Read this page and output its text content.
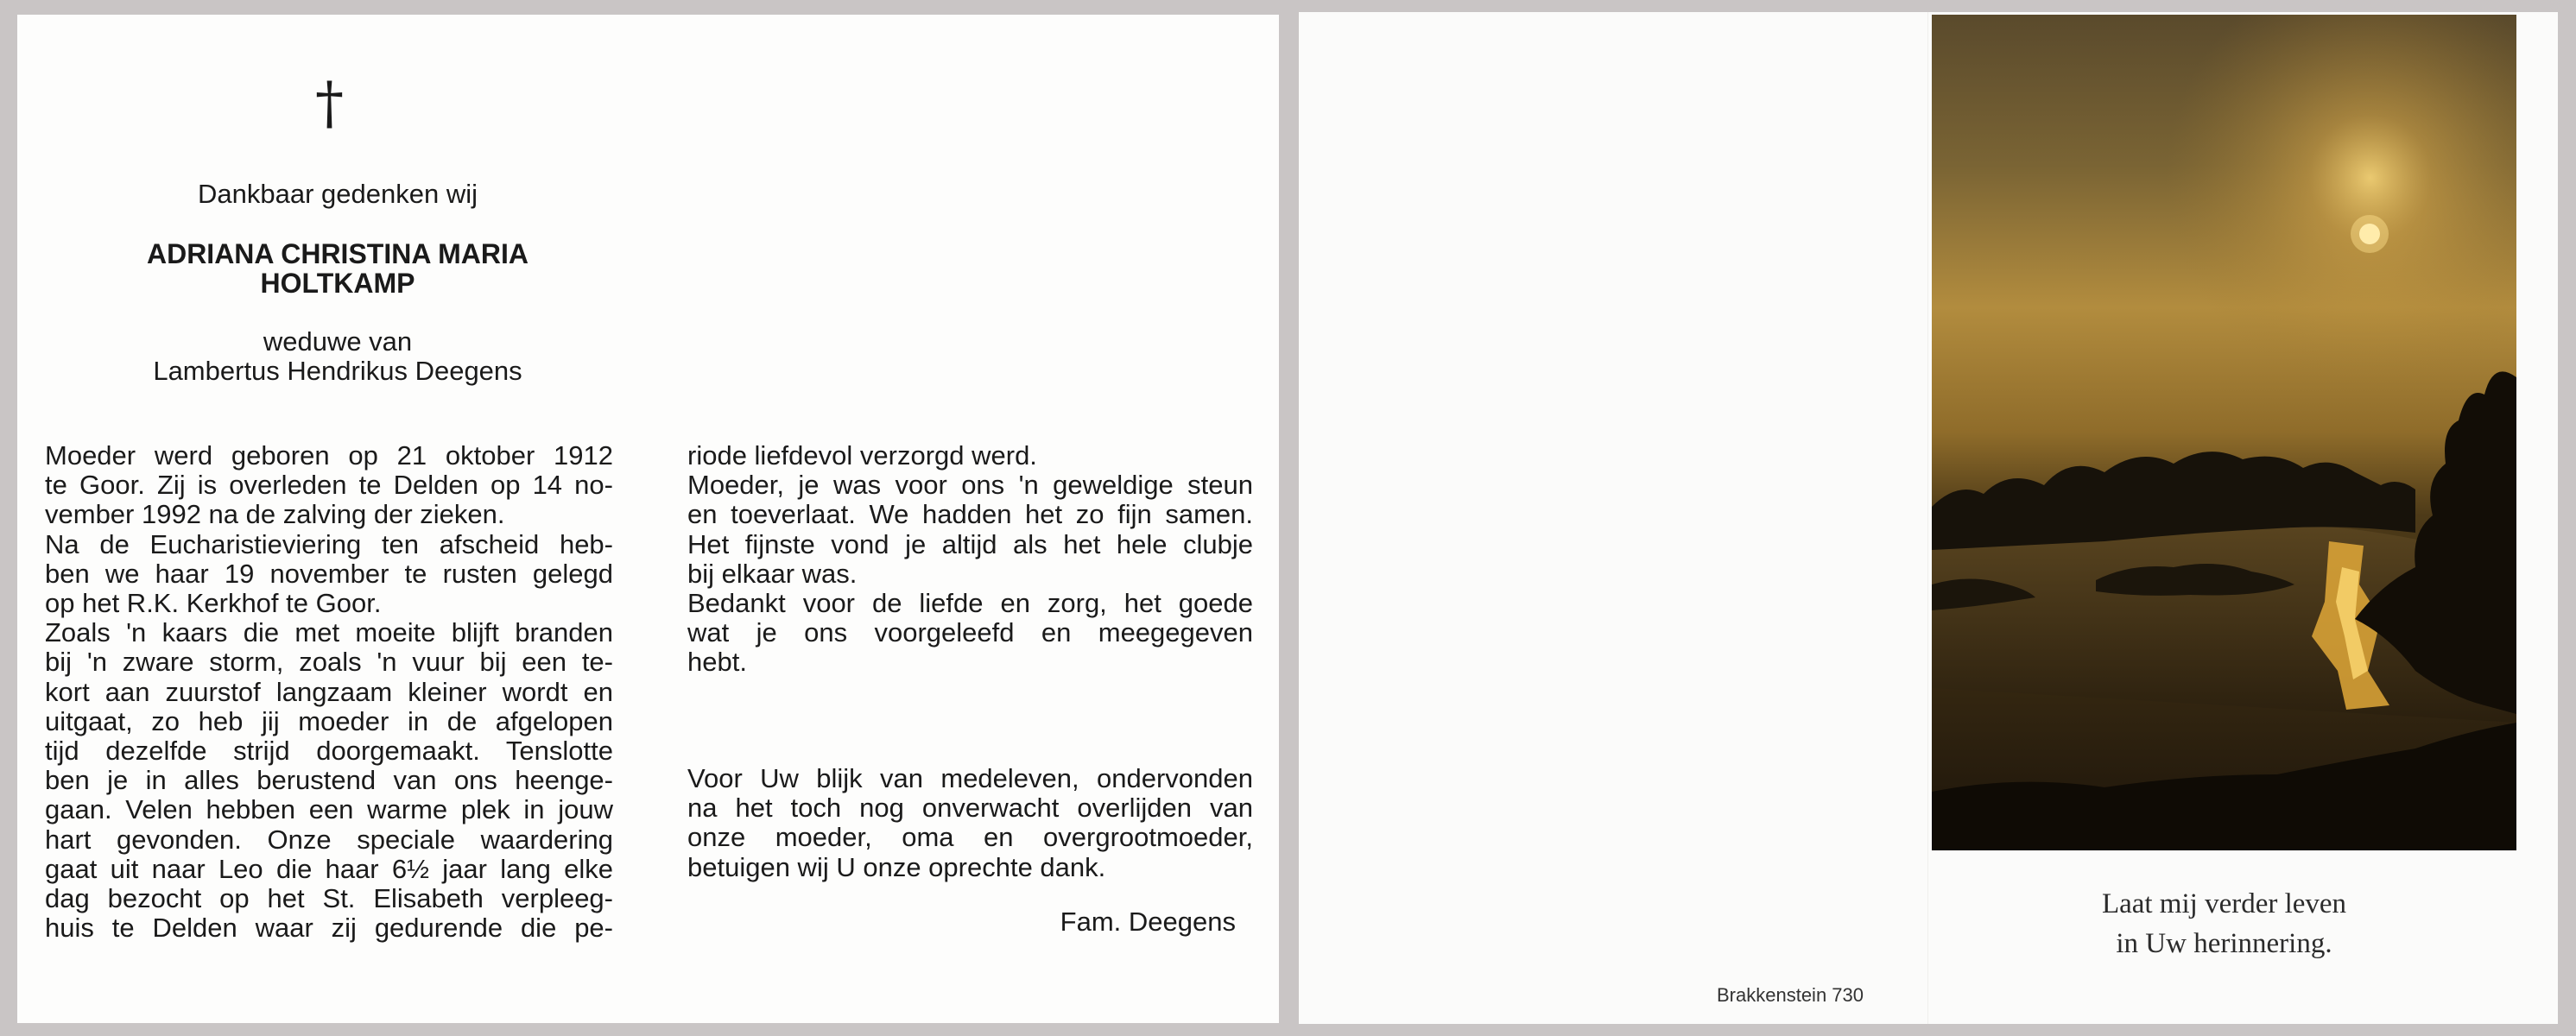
†
Dankbaar gedenken wij
ADRIANA CHRISTINA MARIA
HOLTKAMP
weduwe van
Lambertus Hendrikus Deegens
Moeder werd geboren op 21 oktober 1912
te Goor. Zij is overleden te Delden op 14 no-
vember 1992 na de zalving der zieken.
Na de Eucharistieviering ten afscheid heb-
ben we haar 19 november te rusten gelegd
op het R.K. Kerkhof te Goor.
Zoals 'n kaars die met moeite blijft branden
bij 'n zware storm, zoals 'n vuur bij een te-
kort aan zuurstof langzaam kleiner wordt en
uitgaat, zo heb jij moeder in de afgelopen
tijd dezelfde strijd doorgemaakt. Tenslotte
ben je in alles berustend van ons heenge-
gaan. Velen hebben een warme plek in jouw
hart gevonden. Onze speciale waardering
gaat uit naar Leo die haar 6½ jaar lang elke
dag bezocht op het St. Elisabeth verpleeg-
huis te Delden waar zij gedurende die pe-
riode liefdevol verzorgd werd.
Moeder, je was voor ons 'n geweldige steun
en toeverlaat. We hadden het zo fijn samen.
Het fijnste vond je altijd als het hele clubje
bij elkaar was.
Bedankt voor de liefde en zorg, het goede
wat je ons voorgeleefd en meegegeven
hebt.
Voor Uw blijk van medeleven, ondervonden
na het toch nog onverwacht overlijden van
onze moeder, oma en overgrootmoeder,
betuigen wij U onze oprechte dank.
Fam. Deegens
Laat mij verder leven
in Uw herinnering.
Brakkenstein 730
